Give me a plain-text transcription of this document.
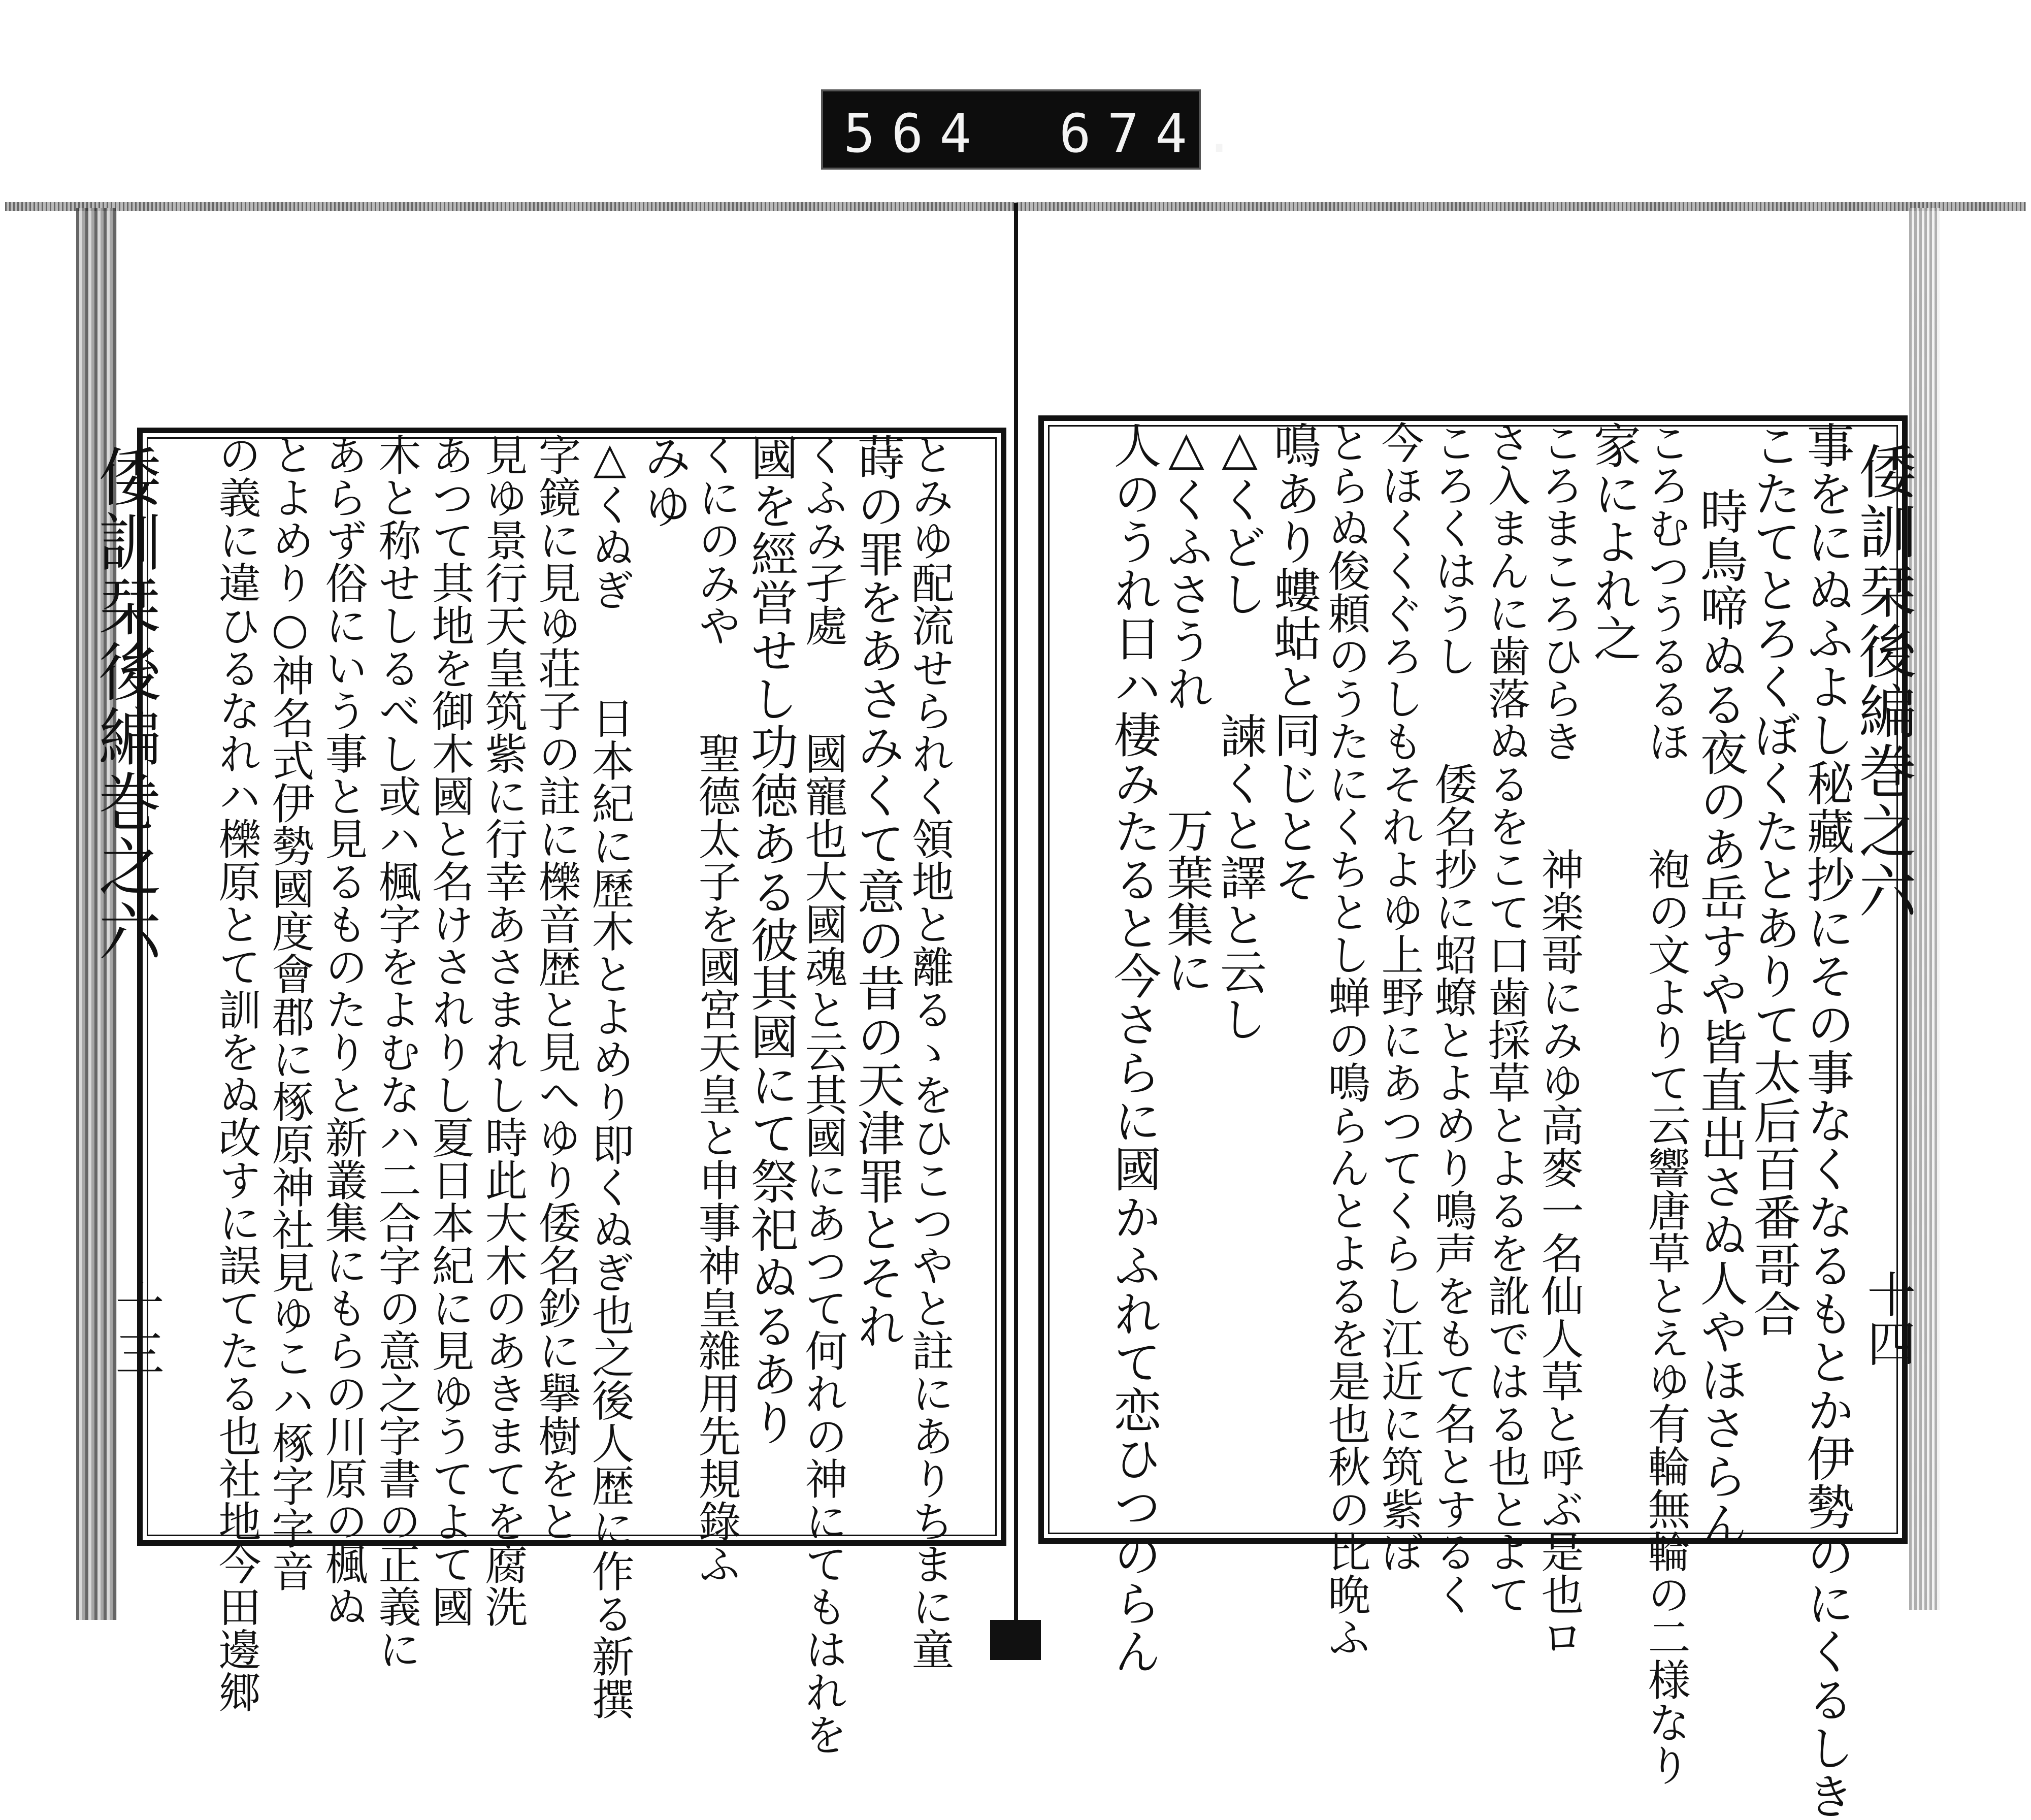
564 674.
倭訓栞後編巻之六
十四
事をにぬふよし秘藏抄にその事なくなるもとか伊勢のにくるしき
こたてとろくぼくたとありて太后百番哥合
時鳥啼ぬる夜のあ岳すや皆直出さぬ人やほさらん
ころむつうるるほ　　袍の文よりて云響唐草とえゆ有輪無輪の二様なり
家によれ之
ころまころひらき　　神楽哥にみゆ高麥一名仙人草と呼ぶ是也ロ
さ入まんに歯落ぬるをこて口歯採草とよるを訛ではる也とよて
ころくはうし　　倭名抄に蛁蟟とよめり鳴声をもて名とするく
今ほくくぐろしもそれよゆ上野にあつてくらし江近に筑紫ぼ
とらぬ俊頼のうたにくちとし蝉の鳴らんとよるを是也秋の比晩ふ
鳴あり螻蛄と同じとそ
△くどし　　諫くと譯と云し
△くふさうれ　　万葉集に
人のうれ日ハ棲みたると今さらに國かふれて恋ひつのらん
倭訓栞後編巻之六
十三	とみゆ配流せられく領地と離るゝをひこつやと註にありちまに童
蒔の罪をあさみくて意の昔の天津罪とそれ
くふみ孑處　　國寵也大國魂と云其國にあつて何れの神にてもはれを
國を經営せし功徳ある彼其國にて祭祀ぬるあり
くにのみや　　聖德太子を國宮天皇と申事神皇雜用先規錄ふ
みゆ
△くぬぎ　　日本紀に歷木とよめり即くぬぎ也之後人歴に作る新撰
字鏡に見ゆ荘子の註に櫟音歴と見へゆり倭名鈔に擧樹をと
見ゆ景行天皇筑紫に行幸あさまれし時此大木のあきまてを腐洗
あつて其地を御木國と名けされりし夏日本紀に見ゆうてよて國
木と称せしるべし或ハ楓字をよむなハ二合字の意之字書の正義に
あらず俗にいう事と見るものたりと新叢集にもらの川原の楓ぬ
とよめり○神名式伊勢國度會郡に椓原神社見ゆこハ椓字字音
の義に違ひるなれハ櫟原とて訓をぬ改すに誤てたる也社地今田邊郷
